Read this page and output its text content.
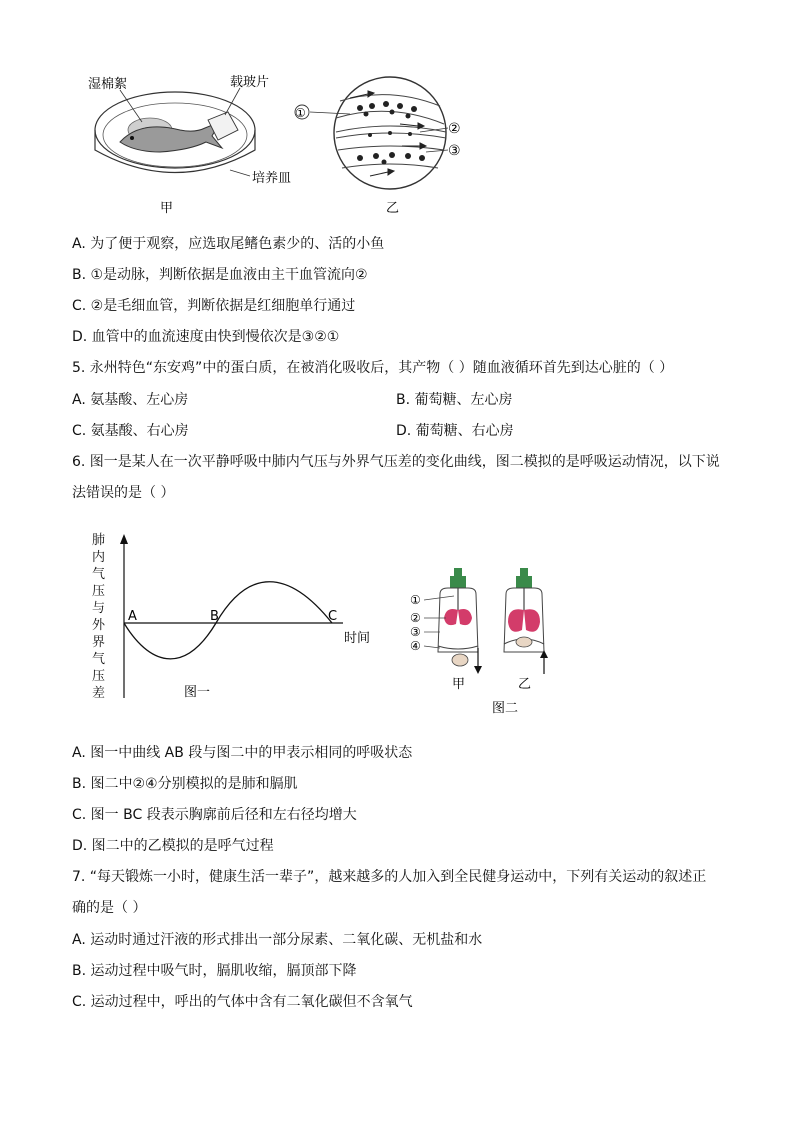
湿棉絮	载玻片
培养皿
甲
①
②
③
乙
A. 为了便于观察，应选取尾鳍色素少的、活的小鱼
B. ①是动脉，判断依据是血液由主干血管流向②
C. ②是毛细血管，判断依据是红细胞单行通过
D. 血管中的血流速度由快到慢依次是③②①
5. 永州特色“东安鸡”中的蛋白质，在被消化吸收后，其产物（ ）随血液循环首先到达心脏的（ ）
A. 氨基酸、左心房	B. 葡萄糖、左心房
C. 氨基酸、右心房	D. 葡萄糖、右心房
6. 图一是某人在一次平静呼吸中肺内气压与外界气压差的变化曲线，图二模拟的是呼吸运动情况，以下说
法错误的是（ ）
肺
内
气
压
与
外
界
气
压
差
A	B	C
时间
图一
①
②
③
④
甲	乙
图二
A. 图一中曲线 AB 段与图二中的甲表示相同的呼吸状态
B. 图二中②④分别模拟的是肺和膈肌
C. 图一 BC 段表示胸廓前后径和左右径均增大
D. 图二中的乙模拟的是呼气过程
7. “每天锻炼一小时，健康生活一辈子”，越来越多的人加入到全民健身运动中，下列有关运动的叙述正
确的是（ ）
A. 运动时通过汗液的形式排出一部分尿素、二氧化碳、无机盐和水
B. 运动过程中吸气时，膈肌收缩，膈顶部下降
C. 运动过程中，呼出的气体中含有二氧化碳但不含氧气
